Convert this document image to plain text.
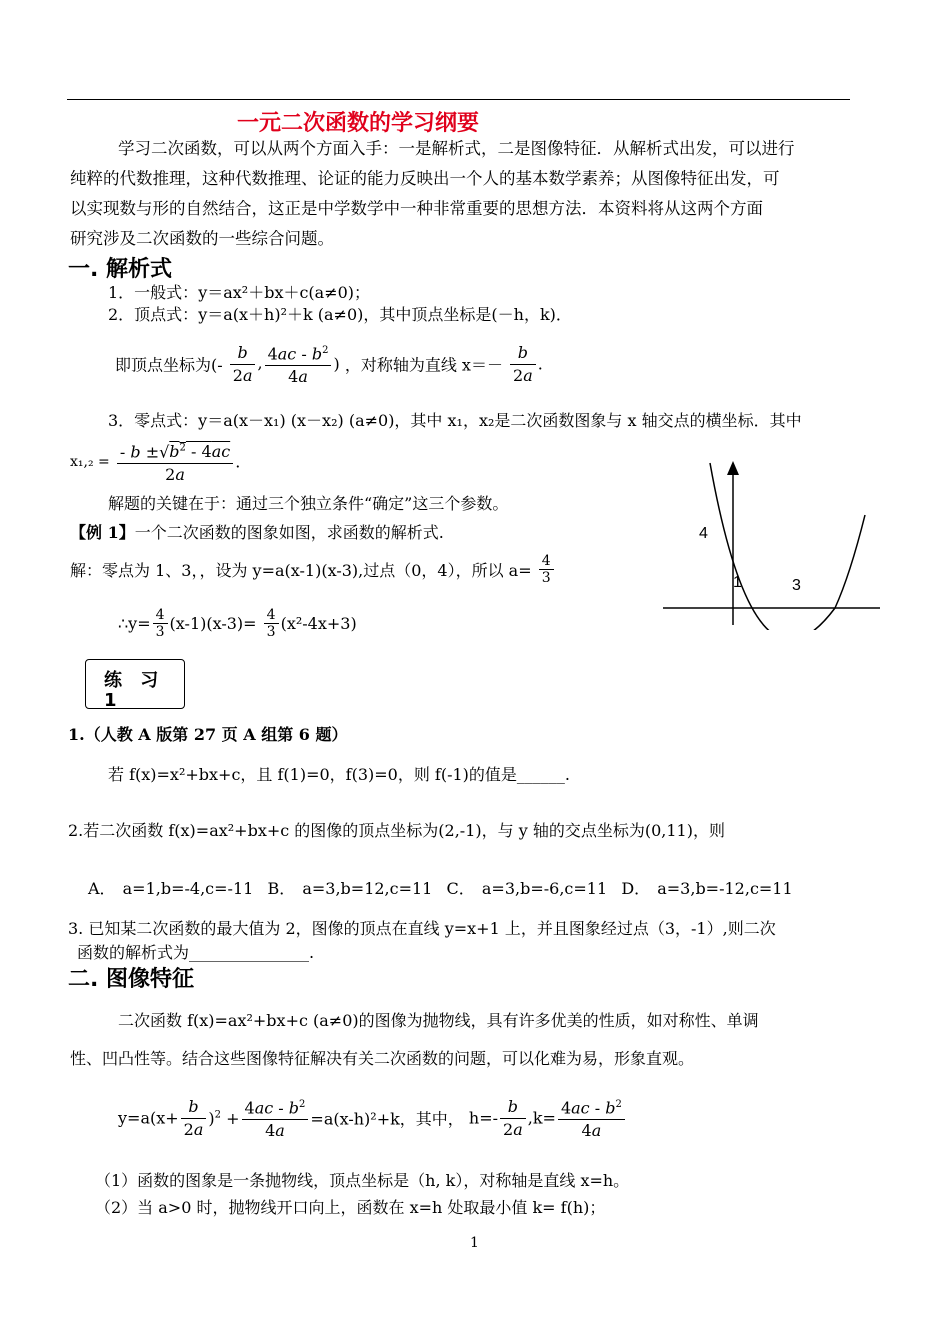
一元二次函数的学习纲要
学习二次函数，可以从两个方面入手：一是解析式，二是图像特征．从解析式出发，可以进行
纯粹的代数推理，这种代数推理、论证的能力反映出一个人的基本数学素养；从图像特征出发，可
以实现数与形的自然结合，这正是中学数学中一种非常重要的思想方法．本资料将从这两个方面
研究涉及二次函数的一些综合问题。
一. 解析式
1．一般式：y＝ax²＋bx＋c(a≠0)；
2．顶点式：y＝a(x＋h)²＋k (a≠0)，其中顶点坐标是(－h，k)．
即顶点坐标为(- $\frac{b}{2a}$ , $\frac{4ac - b^2}{4a}$ ) ，对称轴为直线 $x=- \frac{b}{2a}$ .
3．零点式：y＝a(x－x₁) (x－x₂) (a≠0)，其中 x₁，x₂是二次函数图象与 x 轴交点的横坐标．其中
$x_1,_2 = \frac{- b \pm√b^2 - 4ac}{2a}$ .
解题的关键在于：通过三个独立条件“确定”这三个参数。
【例 1】一个二次函数的图象如图，求函数的解析式.
解：零点为 1、3，，设为 y=a(x-1)(x-3),过点（0，4），所以 $a= \frac{4}{3}$
∴y= $\frac{4}{3} (x-1)(x-3)= \frac{4}{3} (x^2-4x+3)$
4
1	3
练 习 1
1.（人教 A 版第 27 页 A 组第 6 题）
若 f(x)=x²+bx+c，且 f(1)=0，f(3)=0，则 f(-1)的值是______.
2.若二次函数 f(x)=ax²+bx+c 的图像的顶点坐标为(2,-1)，与 y 轴的交点坐标为(0,11)，则
A． a=1,b=-4,c=-11 B． a=3,b=12,c=11 C． a=3,b=-6,c=11 D． a=3,b=-12,c=11
3. 已知某二次函数的最大值为 2，图像的顶点在直线 y=x+1 上，并且图象经过点（3，-1）,则二次
函数的解析式为_______________.
二. 图像特征
二次函数 f(x)=ax²+bx+c (a≠0)的图像为抛物线，具有许多优美的性质，如对称性、单调
性、凹凸性等。结合这些图像特征解决有关二次函数的问题，可以化难为易，形象直观。
$y=a(x+ \frac{b}{2a} )^2 + \frac{4ac - b^2}{4a} =a(x-h)^2+k$，其中， $h=- \frac{b}{2a} ,k= \frac{4ac - b^2}{4a}$
（1）函数的图象是一条抛物线，顶点坐标是（h, k），对称轴是直线 x=h。
（2）当 a>0 时，抛物线开口向上，函数在 x=h 处取最小值 k= f(h)；
1
